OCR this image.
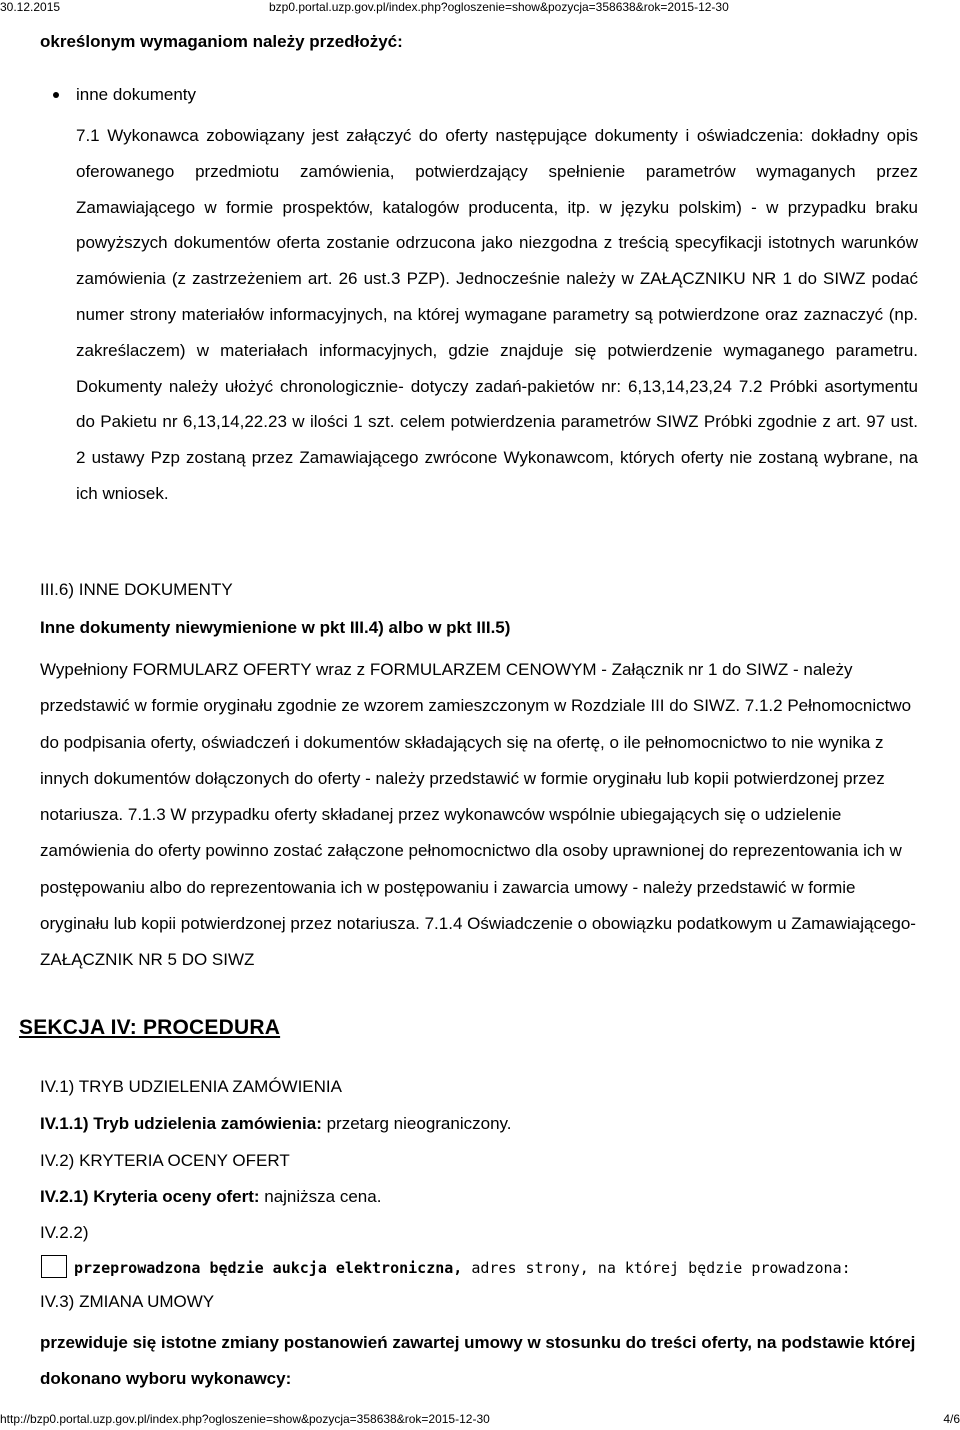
30.12.2015	bzp0.portal.uzp.gov.pl/index.php?ogloszenie=show&pozycja=358638&rok=2015-12-30
określonym wymaganiom należy przedłożyć:
inne dokumenty

7.1 Wykonawca zobowiązany jest załączyć do oferty następujące dokumenty i oświadczenia: dokładny opis oferowanego przedmiotu zamówienia, potwierdzający spełnienie parametrów wymaganych przez Zamawiającego w formie prospektów, katalogów producenta, itp. w języku polskim) - w przypadku braku powyższych dokumentów oferta zostanie odrzucona jako niezgodna z treścią specyfikacji istotnych warunków zamówienia (z zastrzeżeniem art. 26 ust.3 PZP). Jednocześnie należy w ZAŁĄCZNIKU NR 1 do SIWZ podać numer strony materiałów informacyjnych, na której wymagane parametry są potwierdzone oraz zaznaczyć (np. zakreślaczem) w materiałach informacyjnych, gdzie znajduje się potwierdzenie wymaganego parametru. Dokumenty należy ułożyć chronologicznie- dotyczy zadań-pakietów nr: 6,13,14,23,24 7.2 Próbki asortymentu do Pakietu nr 6,13,14,22.23 w ilości 1 szt. celem potwierdzenia parametrów SIWZ Próbki zgodnie z art. 97 ust. 2 ustawy Pzp zostaną przez Zamawiającego zwrócone Wykonawcom, których oferty nie zostaną wybrane, na ich wniosek.

III.6) INNE DOKUMENTY
Inne dokumenty niewymienione w pkt III.4) albo w pkt III.5)

Wypełniony FORMULARZ OFERTY wraz z FORMULARZEM CENOWYM - Załącznik nr 1 do SIWZ - należy przedstawić w formie oryginału zgodnie ze wzorem zamieszczonym w Rozdziale III do SIWZ. 7.1.2 Pełnomocnictwo do podpisania oferty, oświadczeń i dokumentów składających się na ofertę, o ile pełnomocnictwo to nie wynika z innych dokumentów dołączonych do oferty - należy przedstawić w formie oryginału lub kopii potwierdzonej przez notariusza. 7.1.3 W przypadku oferty składanej przez wykonawców wspólnie ubiegających się o udzielenie zamówienia do oferty powinno zostać załączone pełnomocnictwo dla osoby uprawnionej do reprezentowania ich w postępowaniu albo do reprezentowania ich w postępowaniu i zawarcia umowy - należy przedstawić w formie oryginału lub kopii potwierdzonej przez notariusza. 7.1.4 Oświadczenie o obowiązku podatkowym u Zamawiającego- ZAŁĄCZNIK NR 5 DO SIWZ

SEKCJA IV: PROCEDURA
IV.1) TRYB UDZIELENIA ZAMÓWIENIA
IV.1.1) Tryb udzielenia zamówienia: przetarg nieograniczony.
IV.2) KRYTERIA OCENY OFERT
IV.2.1) Kryteria oceny ofert: najniższa cena.
IV.2.2)
przeprowadzona będzie aukcja elektroniczna, adres strony, na której będzie prowadzona:
IV.3) ZMIANA UMOWY

przewiduje się istotne zmiany postanowień zawartej umowy w stosunku do treści oferty, na podstawie której dokonano wyboru wykonawcy:

http://bzp0.portal.uzp.gov.pl/index.php?ogloszenie=show&pozycja=358638&rok=2015-12-30	4/6
